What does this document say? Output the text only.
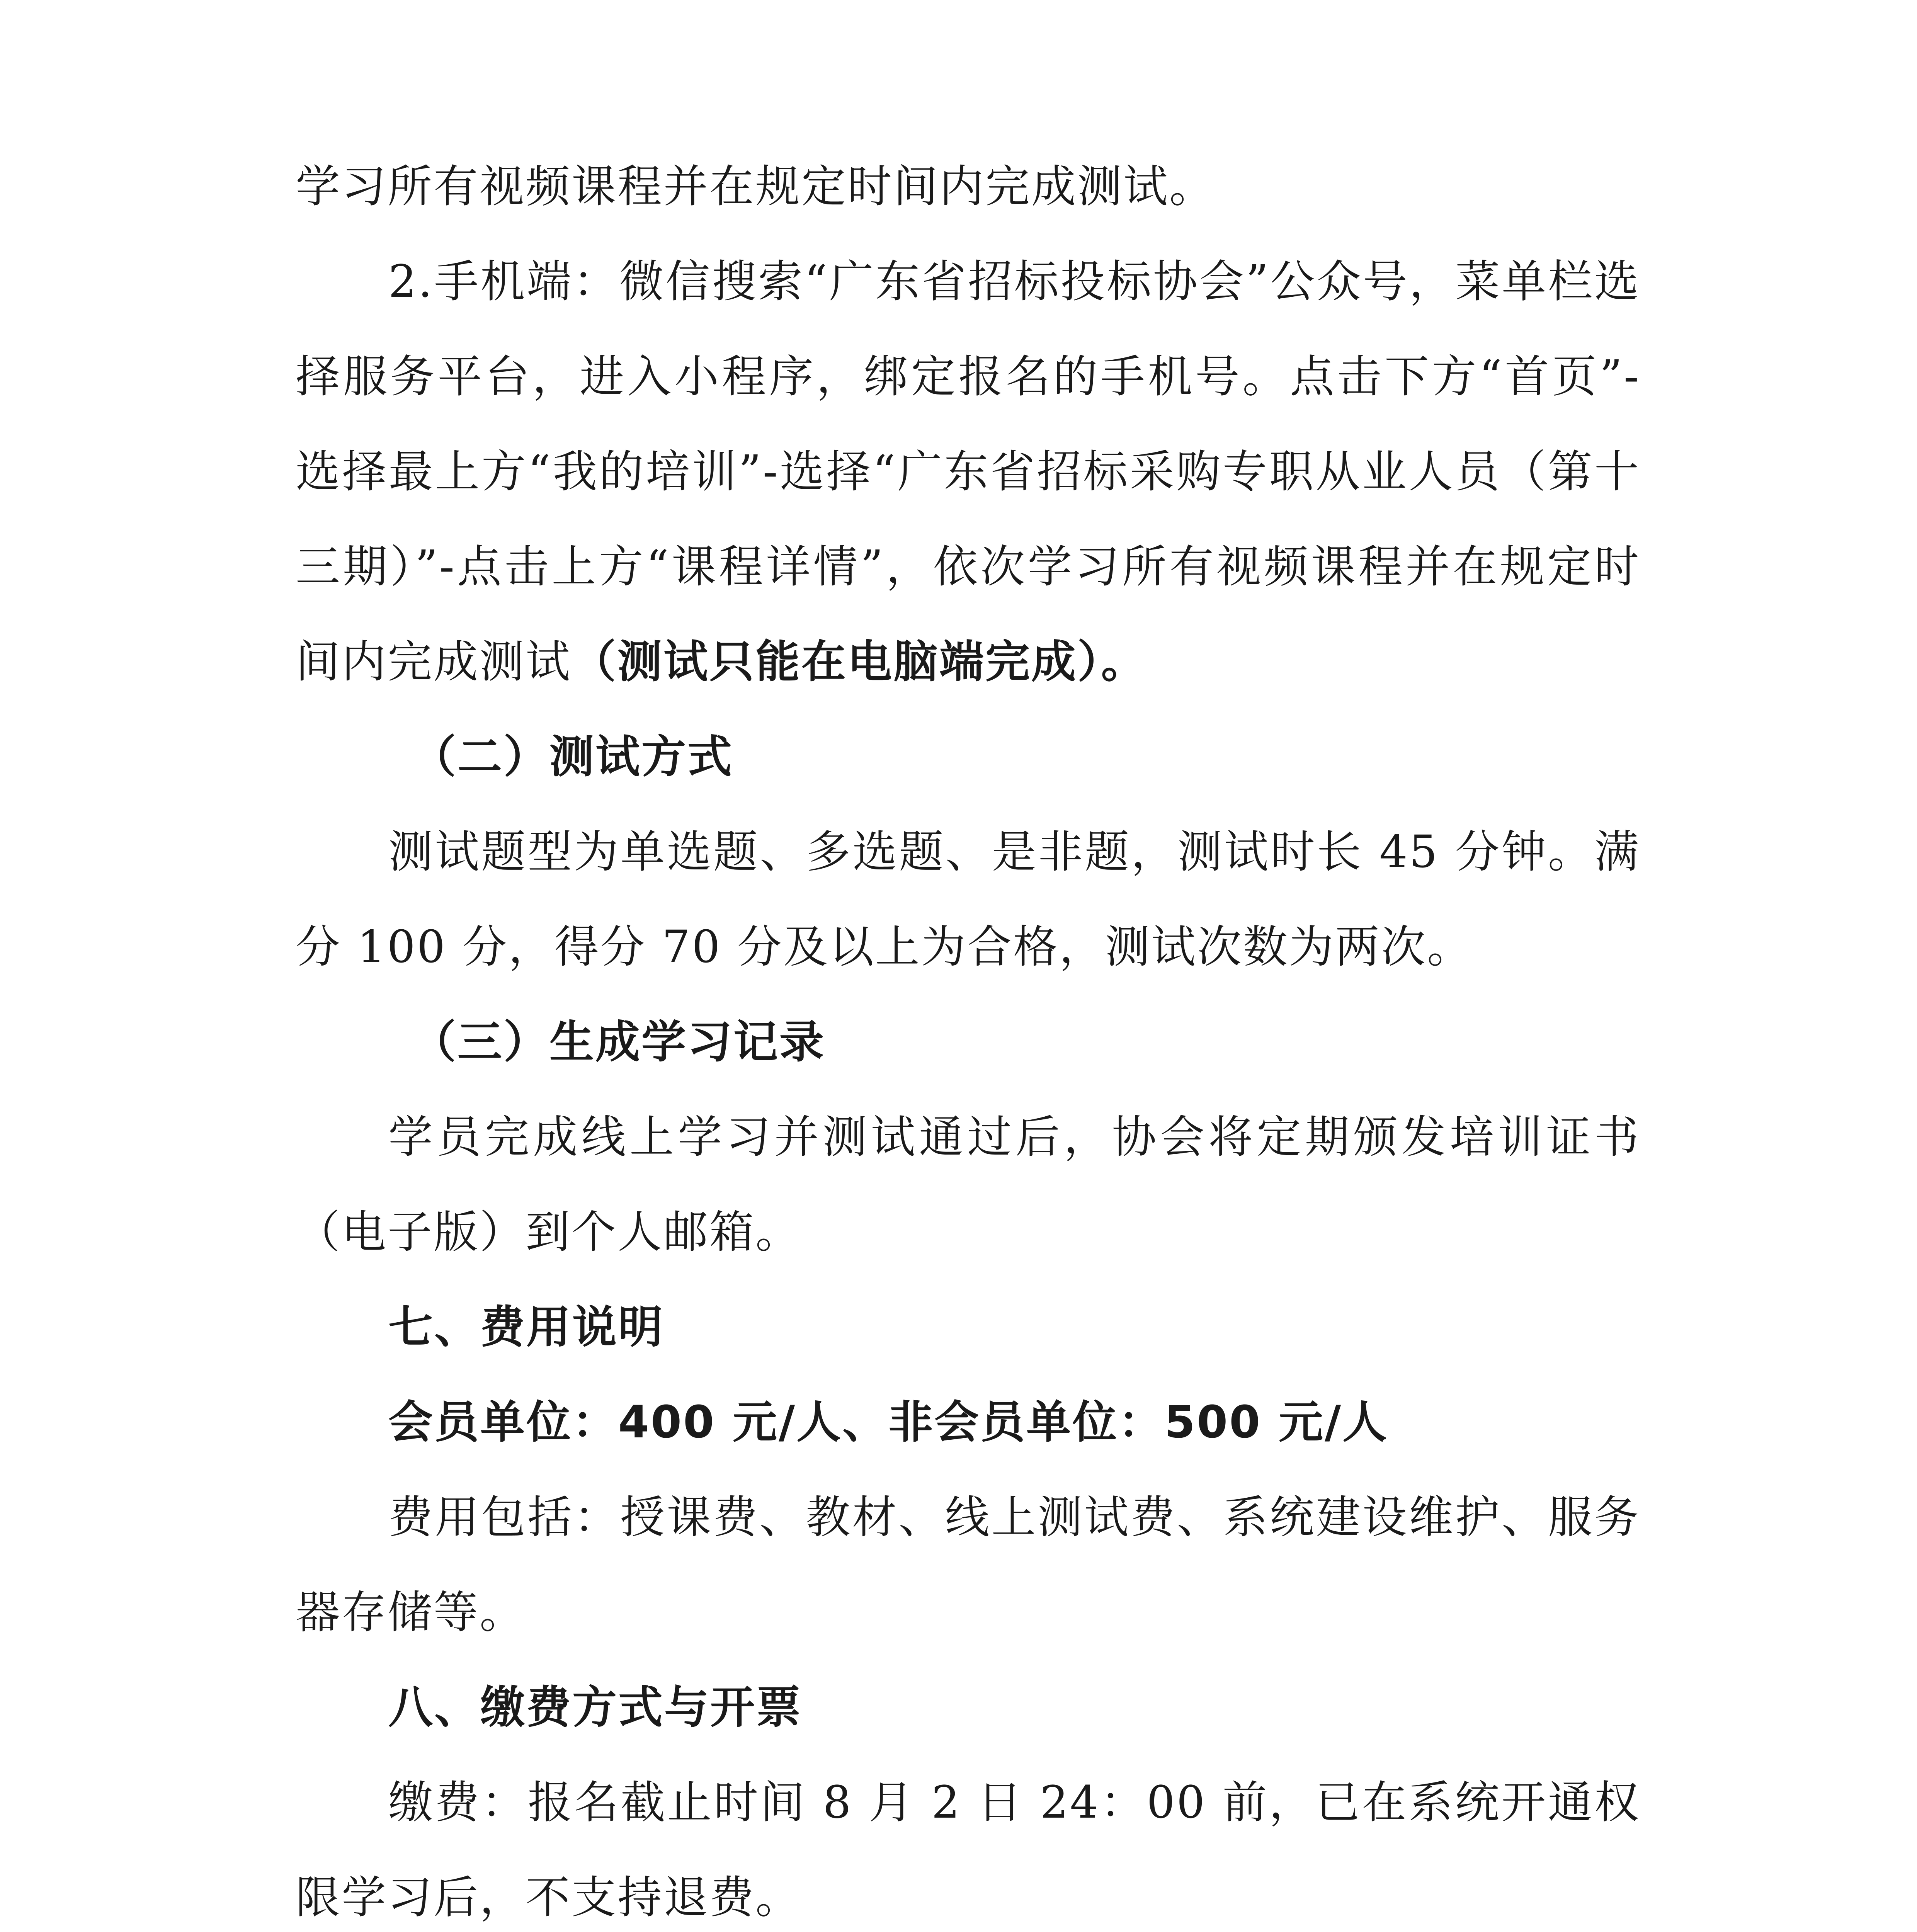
学习所有视频课程并在规定时间内完成测试。

2.手机端：微信搜索“广东省招标投标协会”公众号，菜单栏选择服务平台，进入小程序，绑定报名的手机号。点击下方“首页”-选择最上方“我的培训”-选择“广东省招标采购专职从业人员（第十三期）”-点击上方“课程详情”，依次学习所有视频课程并在规定时间内完成测试（测试只能在电脑端完成）。

（二）测试方式

测试题型为单选题、多选题、是非题，测试时长 45 分钟。满分 100 分，得分 70 分及以上为合格，测试次数为两次。

（三）生成学习记录

学员完成线上学习并测试通过后，协会将定期颁发培训证书（电子版）到个人邮箱。

七、费用说明

会员单位：400 元/人、非会员单位：500 元/人

费用包括：授课费、教材、线上测试费、系统建设维护、服务器存储等。

八、缴费方式与开票

缴费：报名截止时间 8 月 2 日 24：00 前，已在系统开通权限学习后，不支持退费。
